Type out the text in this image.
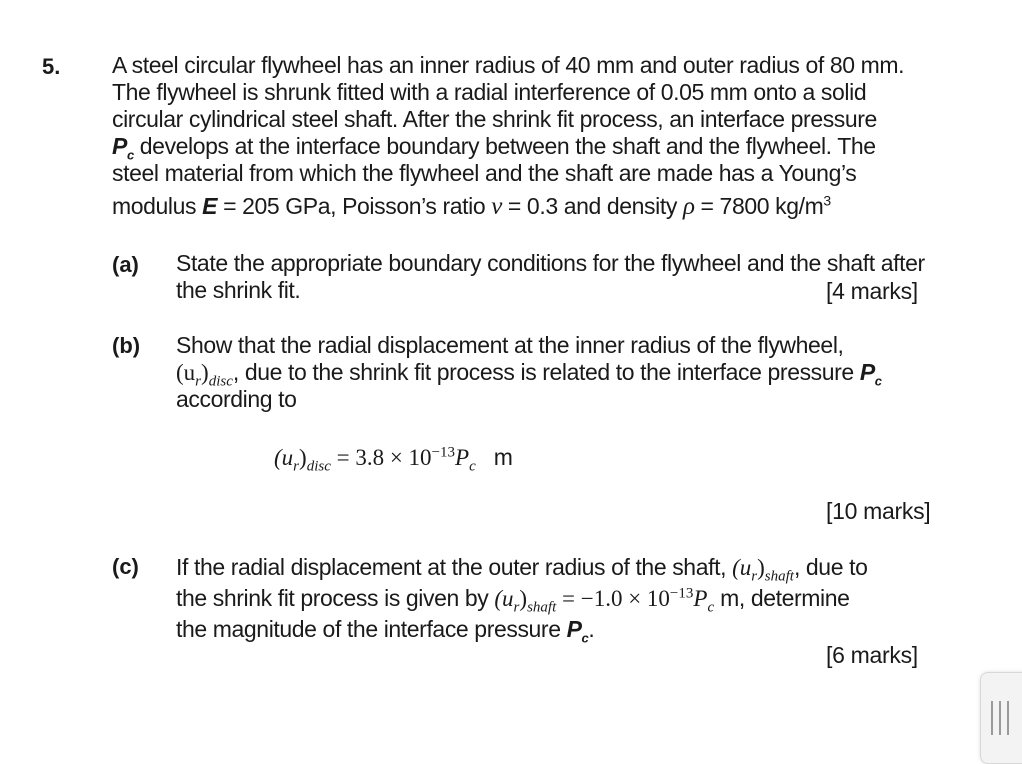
5. A steel circular flywheel has an inner radius of 40 mm and outer radius of 80 mm.
The flywheel is shrunk fitted with a radial interference of 0.05 mm onto a solid
circular cylindrical steel shaft. After the shrink fit process, an interface pressure
$P_c$ develops at the interface boundary between the shaft and the flywheel. The
steel material from which the flywheel and the shaft are made has a Young’s
modulus E = 205 GPa, Poisson’s ratio ν = 0.3 and density ρ = 7800 $kg/m^3$
(a) State the appropriate boundary conditions for the flywheel and the shaft after
the shrink fit.	[4 marks]
(b) Show that the radial displacement at the inner radius of the flywheel,
$(u_r)_{disc}$, due to the shrink fit process is related to the interface pressure $P_c$
according to
$(u_r)_{disc} = 3.8 \times 10^{-13}P_c$ m
[10 marks]
(c) If the radial displacement at the outer radius of the shaft, $(u_r)_{shaft}$, due to
the shrink fit process is given by $(u_r)_{shaft} = -1.0 \times 10^{-13}P_c$ m, determine
the magnitude of the interface pressure $P_c$.
[6 marks]
